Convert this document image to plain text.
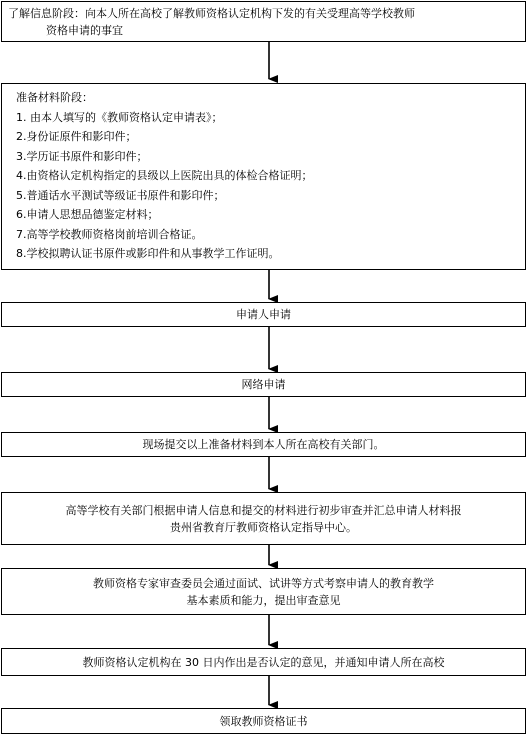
了解信息阶段：向本人所在高校了解教师资格认定机构下发的有关受理高等学校教师
资格申请的事宜
准备材料阶段：
1. 由本人填写的《教师资格认定申请表》；
2.身份证原件和影印件；
3.学历证书原件和影印件；
4.由资格认定机构指定的县级以上医院出具的体检合格证明；
5.普通话水平测试等级证书原件和影印件；
6.申请人思想品德鉴定材料；
7.高等学校教师资格岗前培训合格证。
8.学校拟聘认证书原件或影印件和从事教学工作证明。
申请人申请
网络申请
现场提交以上准备材料到本人所在高校有关部门。
高等学校有关部门根据申请人信息和提交的材料进行初步审查并汇总申请人材料报
贵州省教育厅教师资格认定指导中心。
教师资格专家审查委员会通过面试、试讲等方式考察申请人的教育教学
基本素质和能力，提出审查意见
教师资格认定机构在 30 日内作出是否认定的意见，并通知申请人所在高校
领取教师资格证书
